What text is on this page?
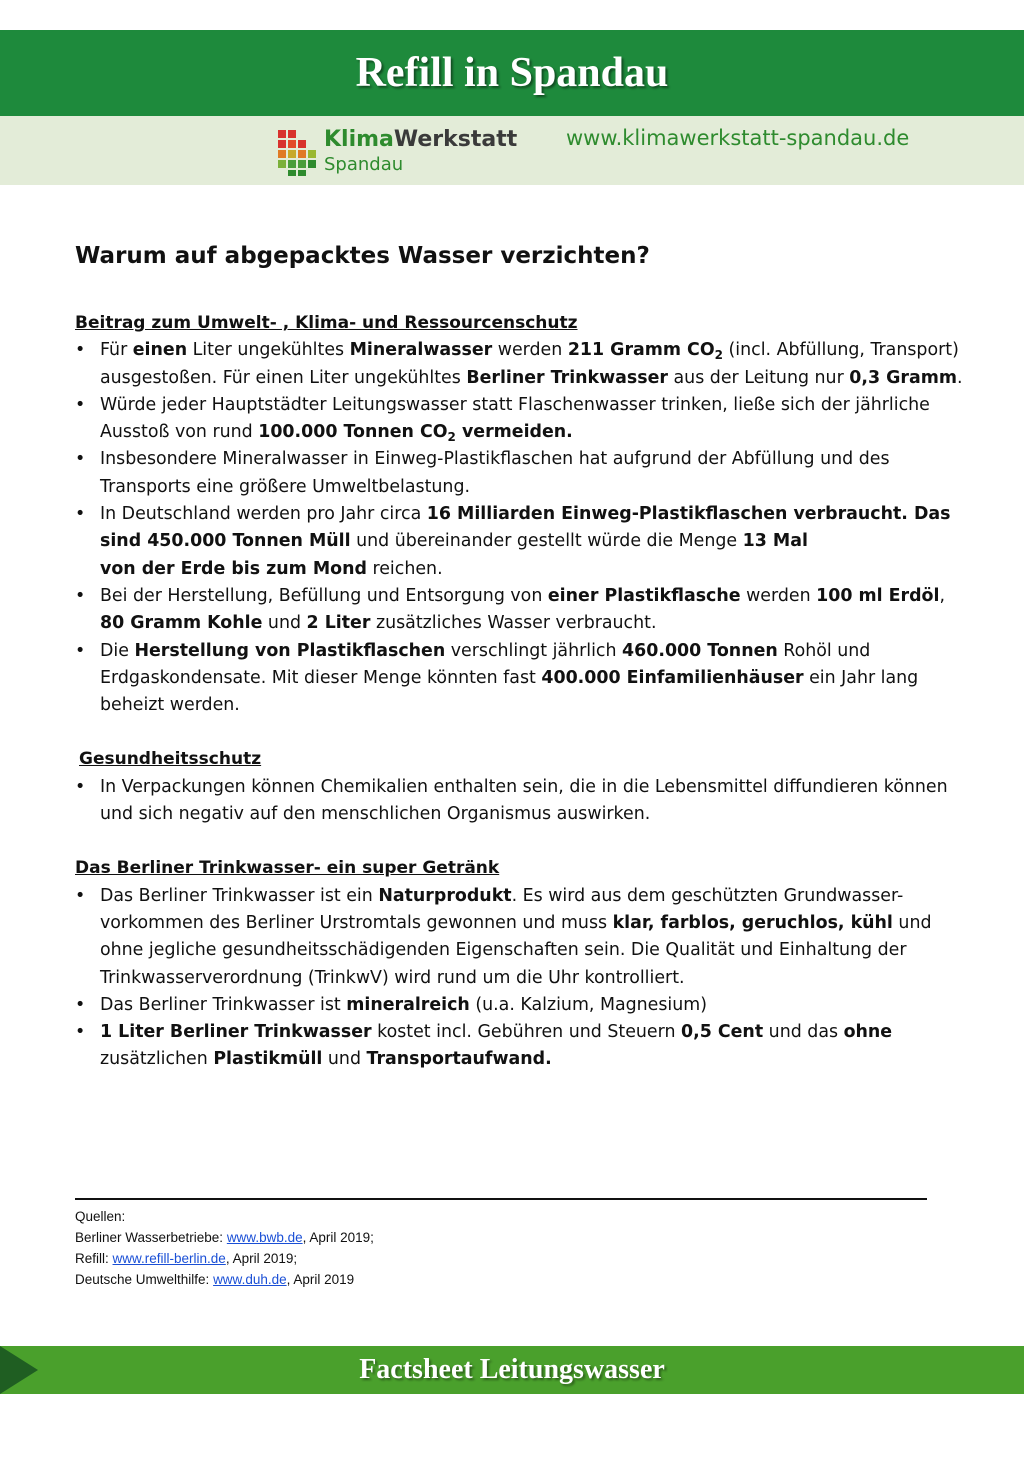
Refill in Spandau
KlimaWerkstatt
Spandau
www.klimawerkstatt-spandau.de
Warum auf abgepacktes Wasser verzichten?
Beitrag zum Umwelt- , Klima- und Ressourcenschutz
• Für einen Liter ungekühltes Mineralwasser werden 211 Gramm $CO_2$ (incl. Abfüllung, Transport) ausgestoßen. Für einen Liter ungekühltes Berliner Trinkwasser aus der Leitung nur 0,3 Gramm.
• Würde jeder Hauptstädter Leitungswasser statt Flaschenwasser trinken, ließe sich der jährliche Ausstoß von rund 100.000 Tonnen $CO_2$ vermeiden.
• Insbesondere Mineralwasser in Einweg-Plastikflaschen hat aufgrund der Abfüllung und des Transports eine größere Umweltbelastung.
• In Deutschland werden pro Jahr circa 16 Milliarden Einweg-Plastikflaschen verbraucht. Das sind 450.000 Tonnen Müll und übereinander gestellt würde die Menge 13 Mal
von der Erde bis zum Mond reichen.
• Bei der Herstellung, Befüllung und Entsorgung von einer Plastikflasche werden 100 ml Erdöl, 80 Gramm Kohle und 2 Liter zusätzliches Wasser verbraucht.
• Die Herstellung von Plastikflaschen verschlingt jährlich 460.000 Tonnen Rohöl und Erdgaskondensate. Mit dieser Menge könnten fast 400.000 Einfamilienhäuser ein Jahr lang beheizt werden.
Gesundheitsschutz
• In Verpackungen können Chemikalien enthalten sein, die in die Lebensmittel diffundieren können und sich negativ auf den menschlichen Organismus auswirken.
Das Berliner Trinkwasser- ein super Getränk
• Das Berliner Trinkwasser ist ein Naturprodukt. Es wird aus dem geschützten Grundwasser-vorkommen des Berliner Urstromtals gewonnen und muss klar, farblos, geruchlos, kühl und ohne jegliche gesundheitsschädigenden Eigenschaften sein. Die Qualität und Einhaltung der Trinkwasserverordnung (TrinkwV) wird rund um die Uhr kontrolliert.
• Das Berliner Trinkwasser ist mineralreich (u.a. Kalzium, Magnesium)
• 1 Liter Berliner Trinkwasser kostet incl. Gebühren und Steuern 0,5 Cent und das ohne zusätzlichen Plastikmüll und Transportaufwand.
Quellen:
Berliner Wasserbetriebe: www.bwb.de, April 2019;
Refill: www.refill-berlin.de, April 2019;
Deutsche Umwelthilfe: www.duh.de, April 2019
Factsheet Leitungswasser
